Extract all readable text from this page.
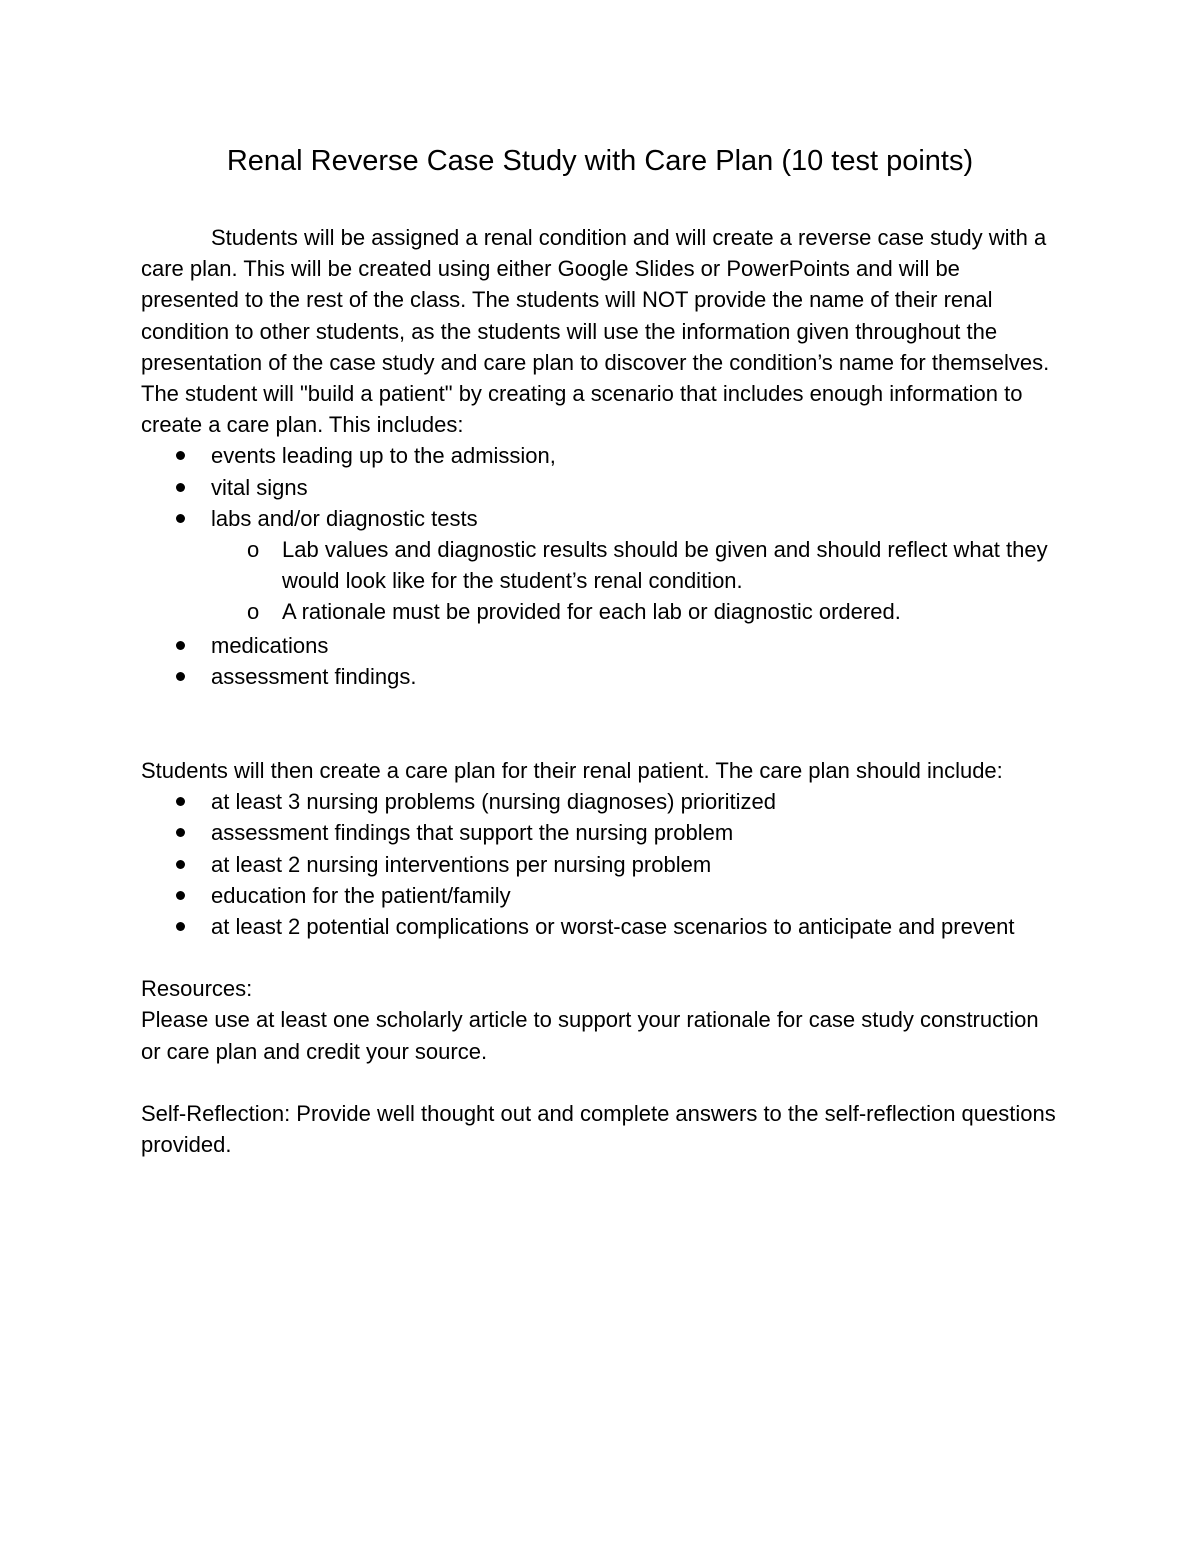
Renal Reverse Case Study with Care Plan (10 test points)

Students will be assigned a renal condition and will create a reverse case study with a care plan. This will be created using either Google Slides or PowerPoints and will be presented to the rest of the class. The students will NOT provide the name of their renal condition to other students, as the students will use the information given throughout the presentation of the case study and care plan to discover the condition’s name for themselves. The student will "build a patient" by creating a scenario that includes enough information to create a care plan. This includes:

events leading up to the admission,
vital signs
labs and/or diagnostic tests
o Lab values and diagnostic results should be given and should reflect what they would look like for the student’s renal condition.
o A rationale must be provided for each lab or diagnostic ordered.
medications
assessment findings.

Students will then create a care plan for their renal patient. The care plan should include:

at least 3 nursing problems (nursing diagnoses) prioritized
assessment findings that support the nursing problem
at least 2 nursing interventions per nursing problem
education for the patient/family
at least 2 potential complications or worst-case scenarios to anticipate and prevent

Resources:

Please use at least one scholarly article to support your rationale for case study construction or care plan and credit your source.

Self-Reflection: Provide well thought out and complete answers to the self-reflection questions provided.
